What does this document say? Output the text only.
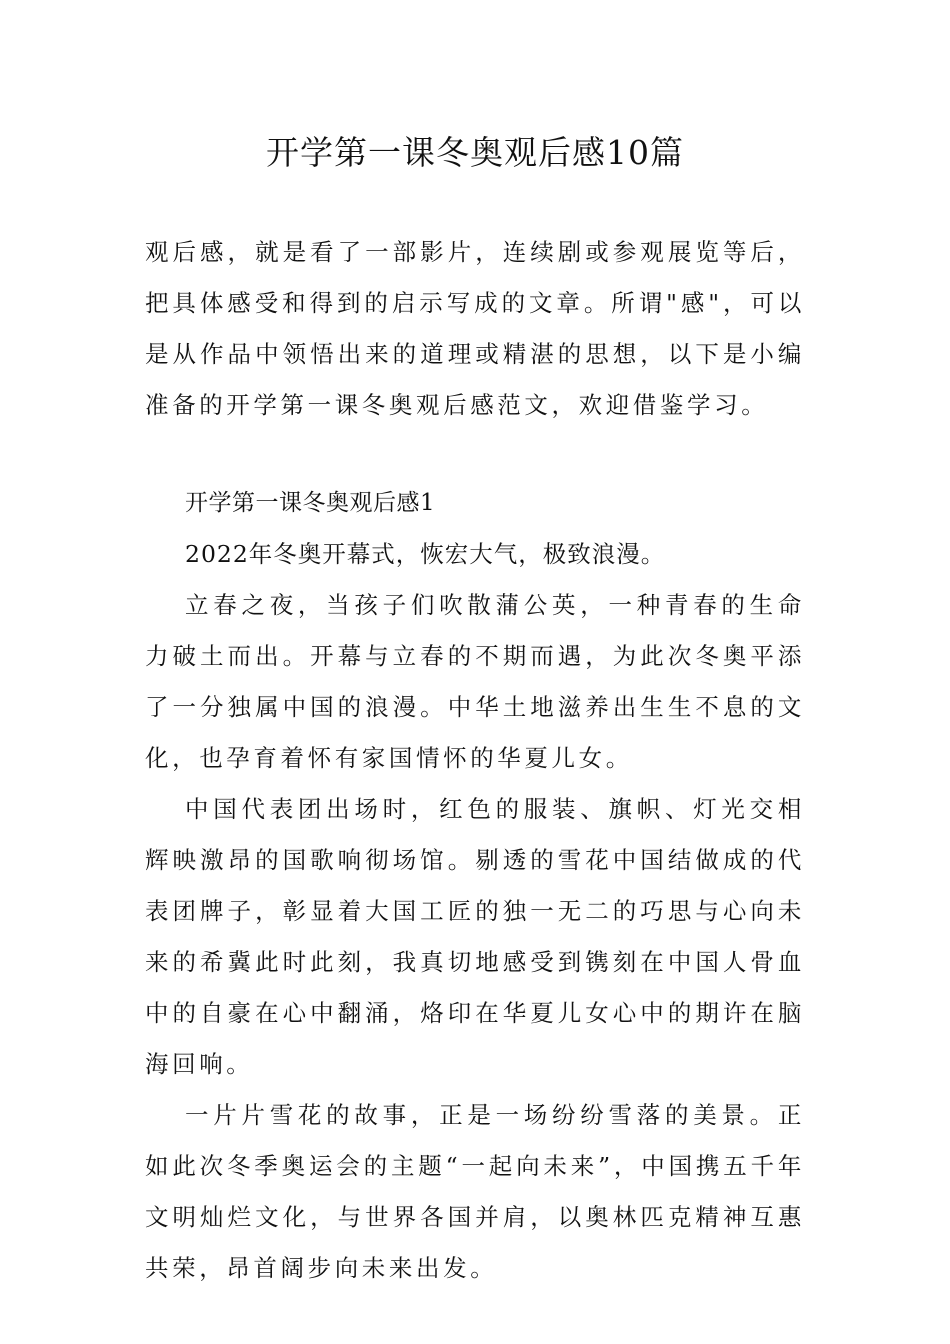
开学第一课冬奥观后感10篇

观后感，就是看了一部影片，连续剧或参观展览等后，把具体感受和得到的启示写成的文章。所谓"感"，可以是从作品中领悟出来的道理或精湛的思想，以下是小编准备的开学第一课冬奥观后感范文，欢迎借鉴学习。

开学第一课冬奥观后感1

2022年冬奥开幕式，恢宏大气，极致浪漫。

立春之夜，当孩子们吹散蒲公英，一种青春的生命力破土而出。开幕与立春的不期而遇，为此次冬奥平添了一分独属中国的浪漫。中华土地滋养出生生不息的文化，也孕育着怀有家国情怀的华夏儿女。

中国代表团出场时，红色的服装、旗帜、灯光交相辉映激昂的国歌响彻场馆。剔透的雪花中国结做成的代表团牌子，彰显着大国工匠的独一无二的巧思与心向未来的希冀此时此刻，我真切地感受到镌刻在中国人骨血中的自豪在心中翻涌，烙印在华夏儿女心中的期许在脑海回响。

一片片雪花的故事，正是一场纷纷雪落的美景。正如此次冬季奥运会的主题“一起向未来”，中国携五千年文明灿烂文化，与世界各国并肩，以奥林匹克精神互惠共荣，昂首阔步向未来出发。
